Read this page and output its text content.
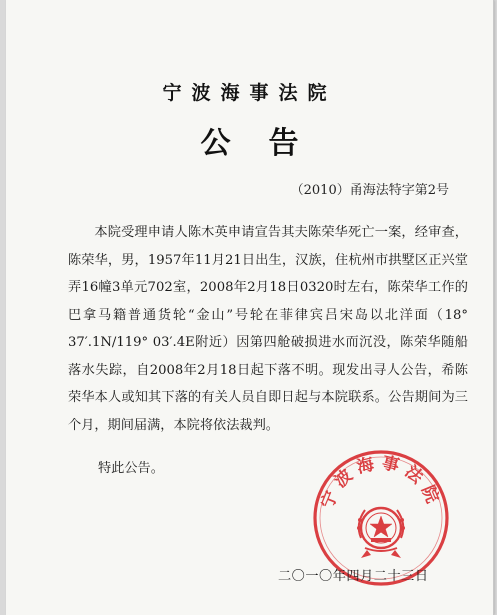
宁波海事法院
公告
（2010）甬海法特字第2号
本院受理申请人陈木英申请宣告其夫陈荣华死亡一案，经审查，陈荣华，男，1957年11月21日出生，汉族，住杭州市拱墅区正兴堂弄16幢3单元702室，2008年2月18日0320时左右，陈荣华工作的巴拿马籍普通货轮“金山”号轮在菲律宾吕宋岛以北洋面（18° 37′.1N/119° 03′.4E附近）因第四舱破损进水而沉没，陈荣华随船落水失踪，自2008年2月18日起下落不明。现发出寻人公告，希陈荣华本人或知其下落的有关人员自即日起与本院联系。公告期间为三个月，期间届满，本院将依法裁判。
特此公告。
宁波海事法院
二〇一〇年四月二十三日
